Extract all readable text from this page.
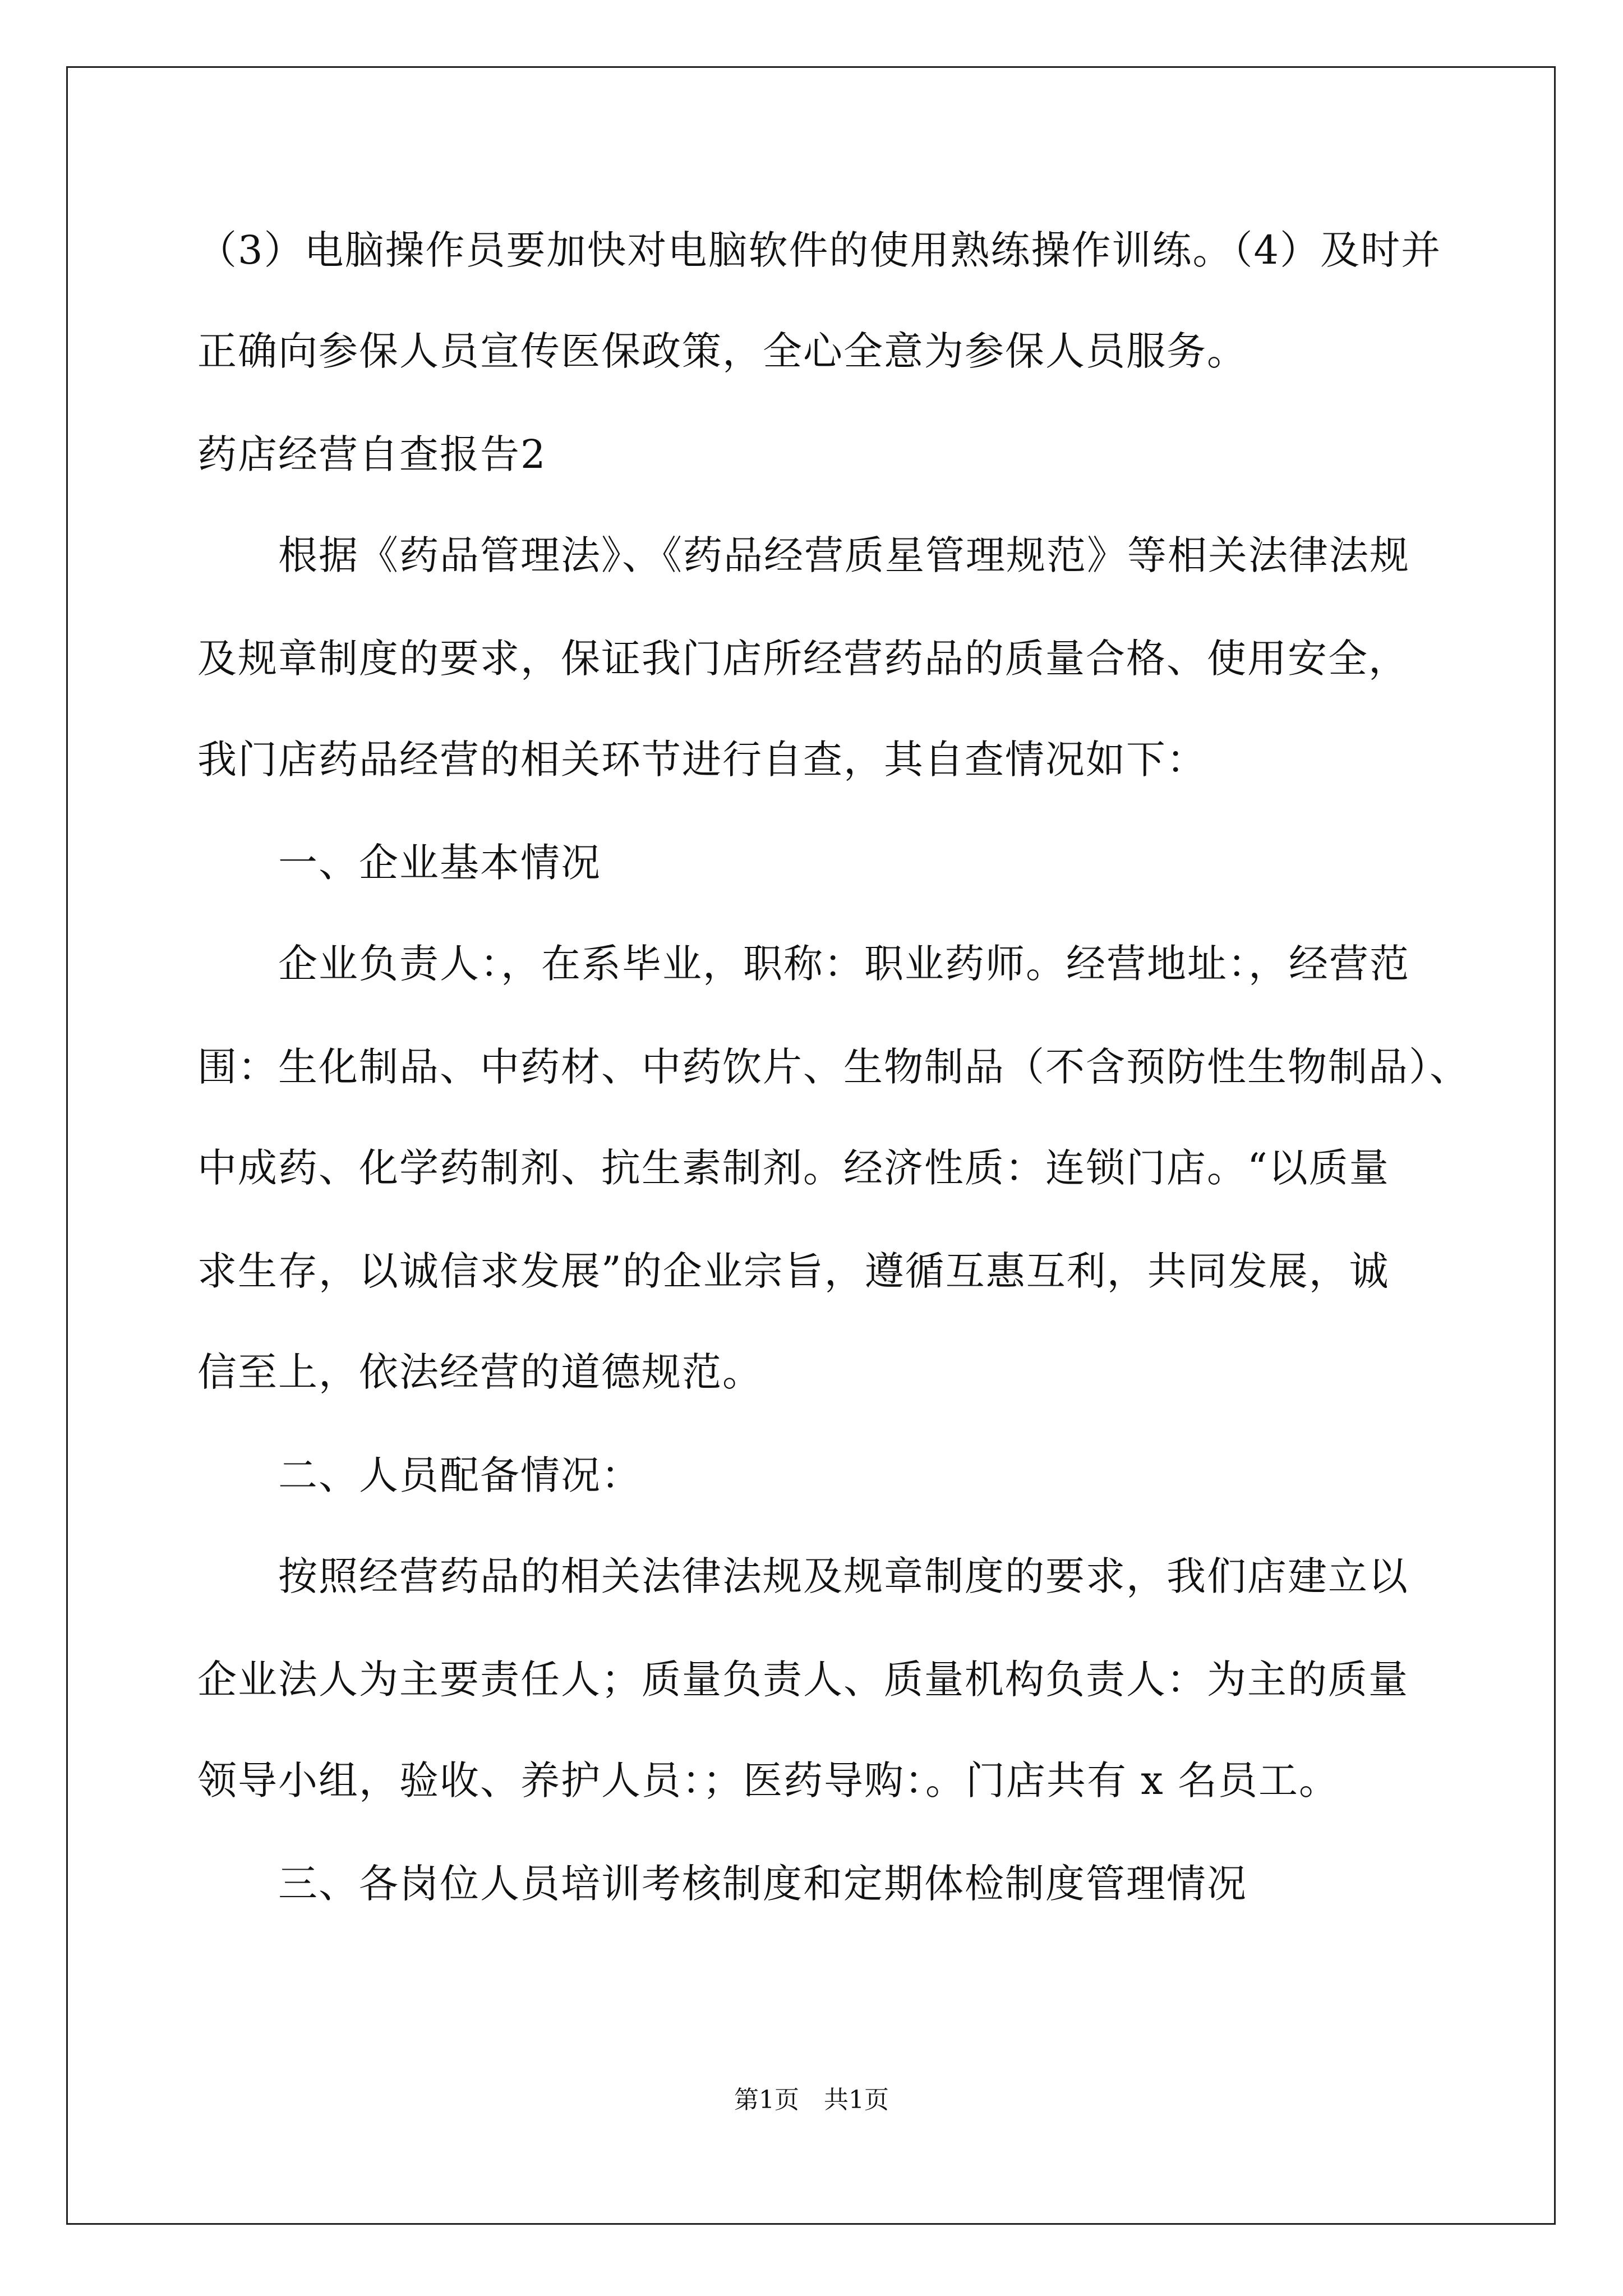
（3）电脑操作员要加快对电脑软件的使用熟练操作训练。（4）及时并
正确向参保人员宣传医保政策，全心全意为参保人员服务。
药店经营自查报告2
根据《药品管理法》、《药品经营质星管理规范》等相关法律法规
及规章制度的要求，保证我门店所经营药品的质量合格、使用安全，
我门店药品经营的相关环节进行自查，其自查情况如下：
一、企业基本情况
企业负责人：，在系毕业，职称：职业药师。经营地址：，经营范
围：生化制品、中药材、中药饮片、生物制品（不含预防性生物制品）、
中成药、化学药制剂、抗生素制剂。经济性质：连锁门店。“以质量
求生存，以诚信求发展”的企业宗旨，遵循互惠互利，共同发展，诚
信至上，依法经营的道德规范。
二、人员配备情况：
按照经营药品的相关法律法规及规章制度的要求，我们店建立以
企业法人为主要责任人；质量负责人、质量机构负责人：为主的质量
领导小组，验收、养护人员：；医药导购：。门店共有 x 名员工。
三、各岗位人员培训考核制度和定期体检制度管理情况
第1页　共1页
